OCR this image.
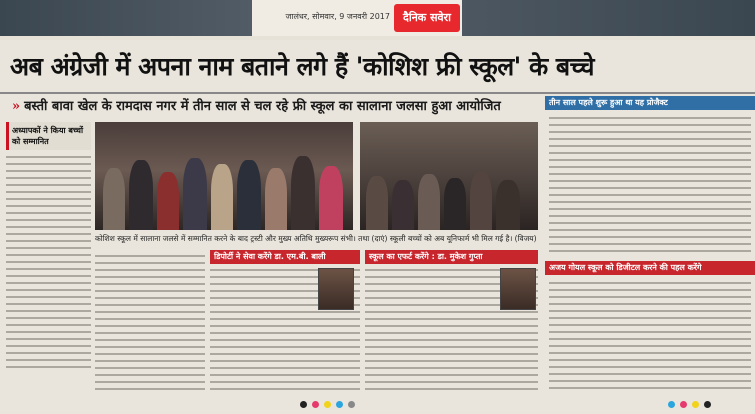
जालंधर, सोमवार, 9 जनवरी 2017	दैनिक सवेरा
अब अंग्रेजी में अपना नाम बताने लगे हैं 'कोशिश फ्री स्कूल' के बच्चे
» बस्ती बावा खेल के रामदास नगर में तीन साल से चल रहे फ्री स्कूल का सालाना जलसा हुआ आयोजित
अध्यापकों ने किया बच्चों को सम्मानित
कोशिश स्कूल में सालाना जलसे में सम्मानित करने के बाद ट्रस्टी और मुख्य अतिथि मुख्यरूप संभी। तथा (दाएं) स्कूली बच्चों को अब यूनिफार्म भी मिल गई है। (विजय)
डिपोर्टी ने सेवा करेंगे डा. एम.बी. बाली	स्कूल का एफर्ट करेंगे : डा. मुकेश गुप्ता
तीन साल पहले शुरू हुआ था यह प्रोजैक्ट
अजय गोयल स्कूल को डिजीटल करने की पहल करेंगे
